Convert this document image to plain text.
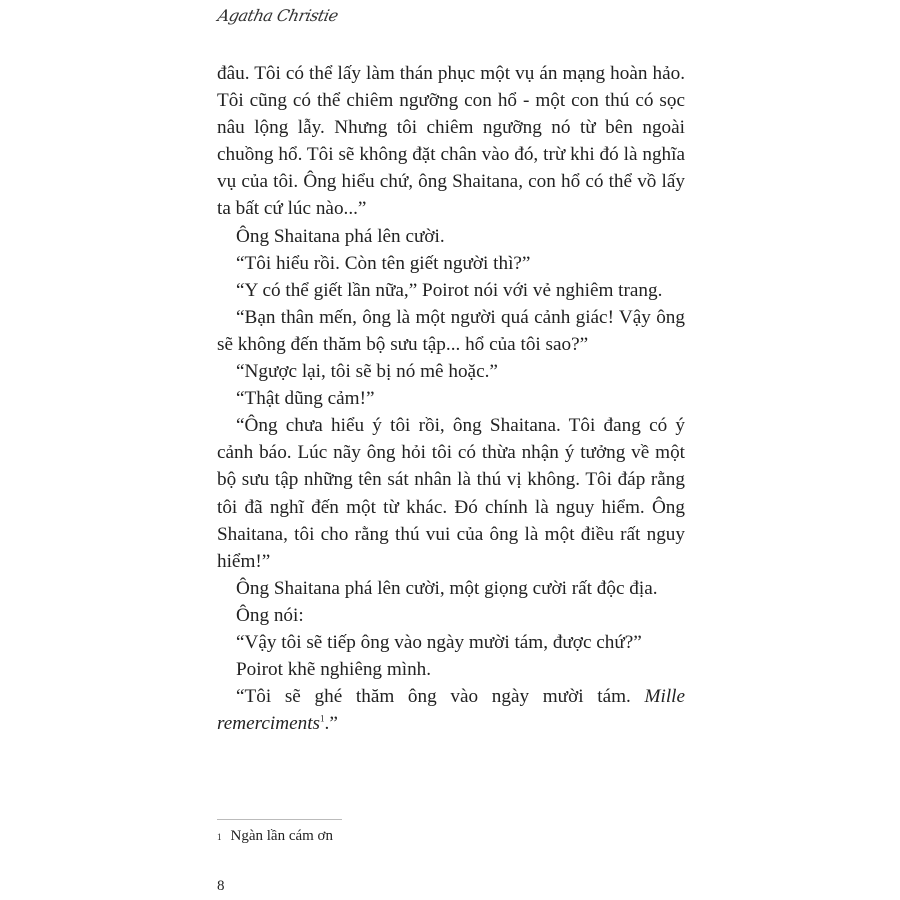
Agatha Christie

đâu. Tôi có thể lấy làm thán phục một vụ án mạng hoàn hảo. Tôi cũng có thể chiêm ngưỡng con hổ - một con thú có sọc nâu lộng lẫy. Nhưng tôi chiêm ngưỡng nó từ bên ngoài chuồng hổ. Tôi sẽ không đặt chân vào đó, trừ khi đó là nghĩa vụ của tôi. Ông hiểu chứ, ông Shaitana, con hổ có thể vồ lấy ta bất cứ lúc nào...”

Ông Shaitana phá lên cười.

“Tôi hiểu rồi. Còn tên giết người thì?”

“Y có thể giết lần nữa,” Poirot nói với vẻ nghiêm trang.

“Bạn thân mến, ông là một người quá cảnh giác! Vậy ông sẽ không đến thăm bộ sưu tập... hổ của tôi sao?”

“Ngược lại, tôi sẽ bị nó mê hoặc.”

“Thật dũng cảm!”

“Ông chưa hiểu ý tôi rồi, ông Shaitana. Tôi đang có ý cảnh báo. Lúc nãy ông hỏi tôi có thừa nhận ý tưởng về một bộ sưu tập những tên sát nhân là thú vị không. Tôi đáp rằng tôi đã nghĩ đến một từ khác. Đó chính là nguy hiểm. Ông Shaitana, tôi cho rằng thú vui của ông là một điều rất nguy hiểm!”

Ông Shaitana phá lên cười, một giọng cười rất độc địa.

Ông nói:

“Vậy tôi sẽ tiếp ông vào ngày mười tám, được chứ?”

Poirot khẽ nghiêng mình.

“Tôi sẽ ghé thăm ông vào ngày mười tám. Mille remerciments$^1$.”

$^1$ Ngàn lần cám ơn
8
